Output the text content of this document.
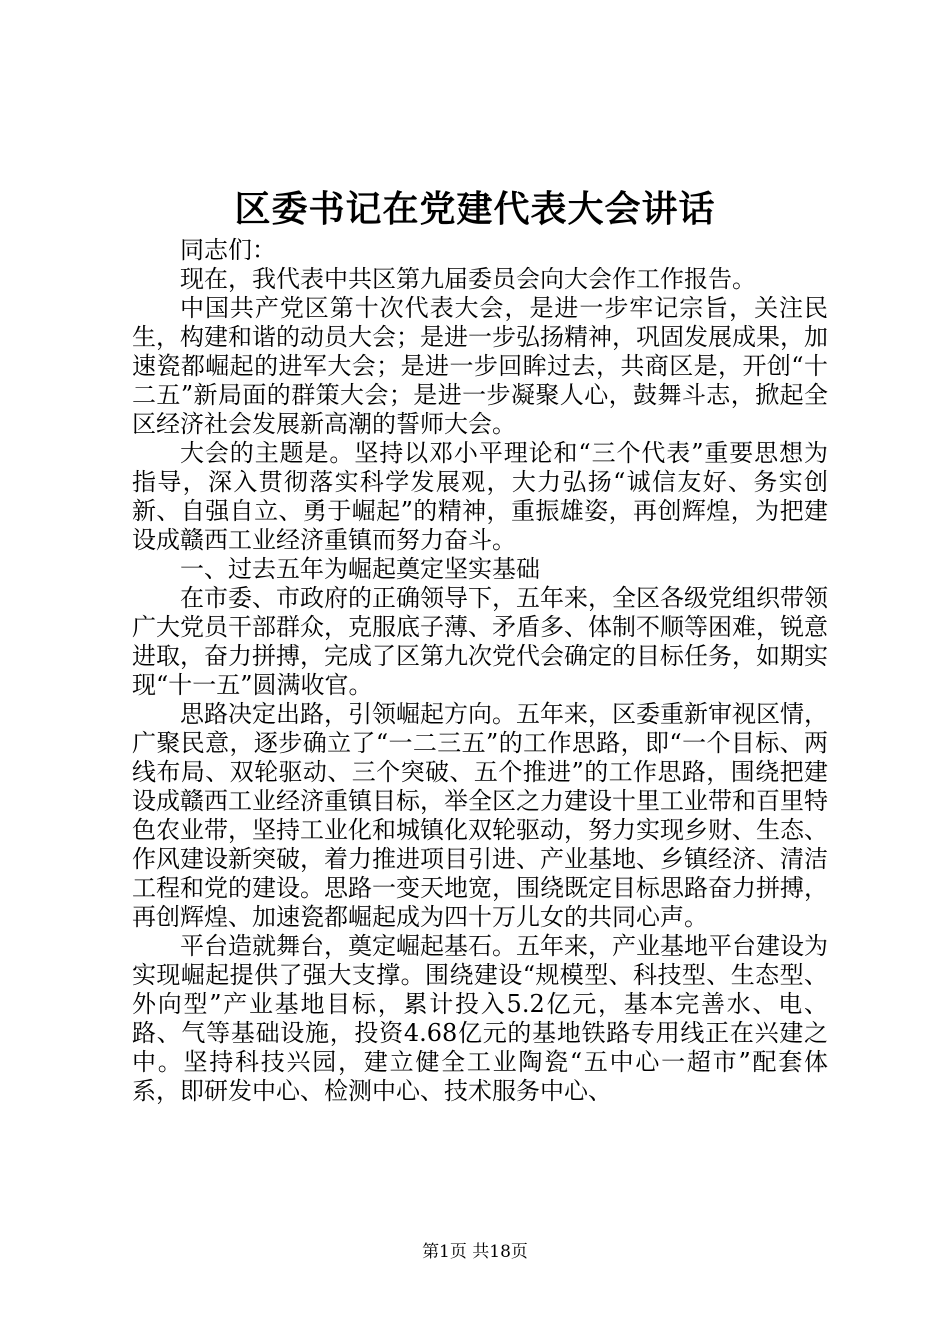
区委书记在党建代表大会讲话

同志们：

现在，我代表中共区第九届委员会向大会作工作报告。

中国共产党区第十次代表大会，是进一步牢记宗旨，关注民生，构建和谐的动员大会；是进一步弘扬精神，巩固发展成果，加速瓷都崛起的进军大会；是进一步回眸过去，共商区是，开创“十二五”新局面的群策大会；是进一步凝聚人心，鼓舞斗志，掀起全区经济社会发展新高潮的誓师大会。

大会的主题是。坚持以邓小平理论和“三个代表”重要思想为指导，深入贯彻落实科学发展观，大力弘扬“诚信友好、务实创新、自强自立、勇于崛起”的精神，重振雄姿，再创辉煌，为把建设成赣西工业经济重镇而努力奋斗。

一、过去五年为崛起奠定坚实基础

在市委、市政府的正确领导下，五年来，全区各级党组织带领广大党员干部群众，克服底子薄、矛盾多、体制不顺等困难，锐意进取，奋力拼搏，完成了区第九次党代会确定的目标任务，如期实现“十一五”圆满收官。

思路决定出路，引领崛起方向。五年来，区委重新审视区情，广聚民意，逐步确立了“一二三五”的工作思路，即“一个目标、两线布局、双轮驱动、三个突破、五个推进”的工作思路，围绕把建设成赣西工业经济重镇目标，举全区之力建设十里工业带和百里特色农业带，坚持工业化和城镇化双轮驱动，努力实现乡财、生态、作风建设新突破，着力推进项目引进、产业基地、乡镇经济、清洁工程和党的建设。思路一变天地宽，围绕既定目标思路奋力拼搏，再创辉煌、加速瓷都崛起成为四十万儿女的共同心声。

平台造就舞台，奠定崛起基石。五年来，产业基地平台建设为实现崛起提供了强大支撑。围绕建设“规模型、科技型、生态型、外向型”产业基地目标，累计投入5.2亿元，基本完善水、电、路、气等基础设施，投资4.68亿元的基地铁路专用线正在兴建之中。坚持科技兴园，建立健全工业陶瓷“五中心一超市”配套体系，即研发中心、检测中心、技术服务中心、

第1页 共18页
